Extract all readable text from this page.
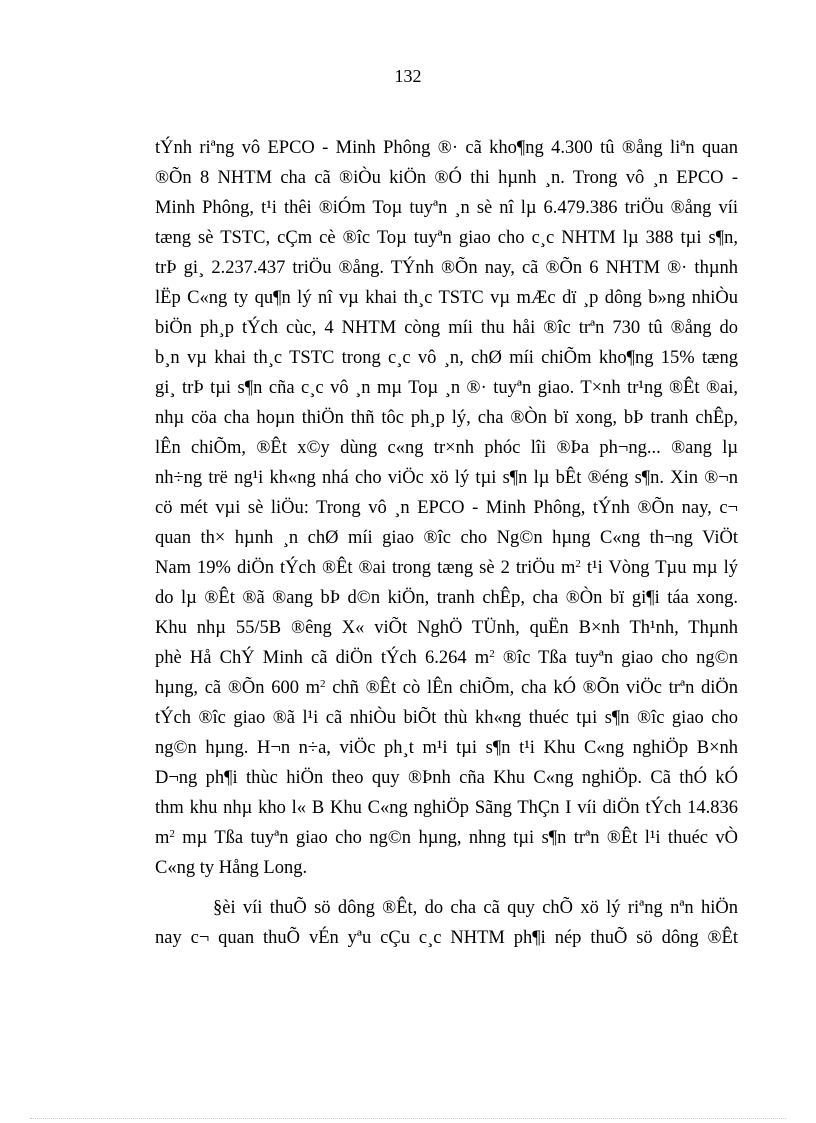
132
tÝnh riªng vô EPCO - Minh Phông ®· cã kho¶ng 4.300 tû ®ång liªn quan
®Õn 8 NHTM cha cã ®iÒu kiÖn ®Ó thi hµnh ¸n. Trong vô ¸n EPCO -
Minh Phông, t¹i thêi ®iÓm Toµ tuyªn ¸n sè nî lµ 6.479.386 triÖu ®ång víi
tæng sè TSTC, cÇm cè ®îc Toµ tuyªn giao cho c¸c NHTM lµ 388 tµi s¶n,
trÞ gi¸ 2.237.437 triÖu ®ång. TÝnh ®Õn nay, cã ®Õn 6 NHTM ®· thµnh
lËp C«ng ty qu¶n lý nî vµ khai th¸c TSTC vµ mÆc dï ¸p dông b»ng nhiÒu
biÖn ph¸p tÝch cùc, 4 NHTM còng míi thu håi ®îc trªn 730 tû ®ång do
b¸n vµ khai th¸c TSTC trong c¸c vô ¸n, chØ míi chiÕm kho¶ng 15% tæng
gi¸ trÞ tµi s¶n cña c¸c vô ¸n mµ Toµ ¸n ®· tuyªn giao. T×nh tr¹ng ®Êt ®ai,
nhµ cöa cha hoµn thiÖn thñ tôc ph¸p lý, cha ®Òn bï xong, bÞ tranh chÊp,
lÊn chiÕm, ®Êt x©y dùng c«ng tr×nh phóc lîi ®Þa ph¬ng... ®ang lµ
nh÷ng trë ng¹i kh«ng nhá cho viÖc xö lý tµi s¶n lµ bÊt ®éng s¶n. Xin ®¬n
cö mét vµi sè liÖu: Trong vô ¸n EPCO - Minh Phông, tÝnh ®Õn nay, c¬
quan th× hµnh ¸n chØ míi giao ®îc cho Ng©n hµng C«ng th¬ng ViÖt
Nam 19% diÖn tÝch ®Êt ®ai trong tæng sè 2 triÖu $m^2$ t¹i Vòng Tµu mµ lý
do lµ ®Êt ®ã ®ang bÞ d©n kiÖn, tranh chÊp, cha ®Òn bï gi¶i táa xong.
Khu nhµ 55/5B ®êng X« viÕt NghÖ TÜnh, quËn B×nh Th¹nh, Thµnh
phè Hå ChÝ Minh cã diÖn tÝch 6.264 $m^2$ ®îc Tßa tuyªn giao cho ng©n
hµng, cã ®Õn 600 $m^2$ chñ ®Êt cò lÊn chiÕm, cha kÓ ®Õn viÖc trªn diÖn
tÝch ®îc giao ®ã l¹i cã nhiÒu biÕt thù kh«ng thuéc tµi s¶n ®îc giao cho
ng©n hµng. H¬n n÷a, viÖc ph¸t m¹i tµi s¶n t¹i Khu C«ng nghiÖp B×nh
D¬ng ph¶i thùc hiÖn theo quy ®Þnh cña Khu C«ng nghiÖp. Cã thÓ kÓ
thm khu nhµ kho l« B Khu C«ng nghiÖp Sãng ThÇn I víi diÖn tÝch 14.836
$m^2$ mµ Tßa tuyªn giao cho ng©n hµng, nhng tµi s¶n trªn ®Êt l¹i thuéc vÒ
C«ng ty Hång Long.
§èi víi thuÕ sö dông ®Êt, do cha cã quy chÕ xö lý riªng nªn hiÖn
nay c¬ quan thuÕ vÉn yªu cÇu c¸c NHTM ph¶i nép thuÕ sö dông ®Êt
